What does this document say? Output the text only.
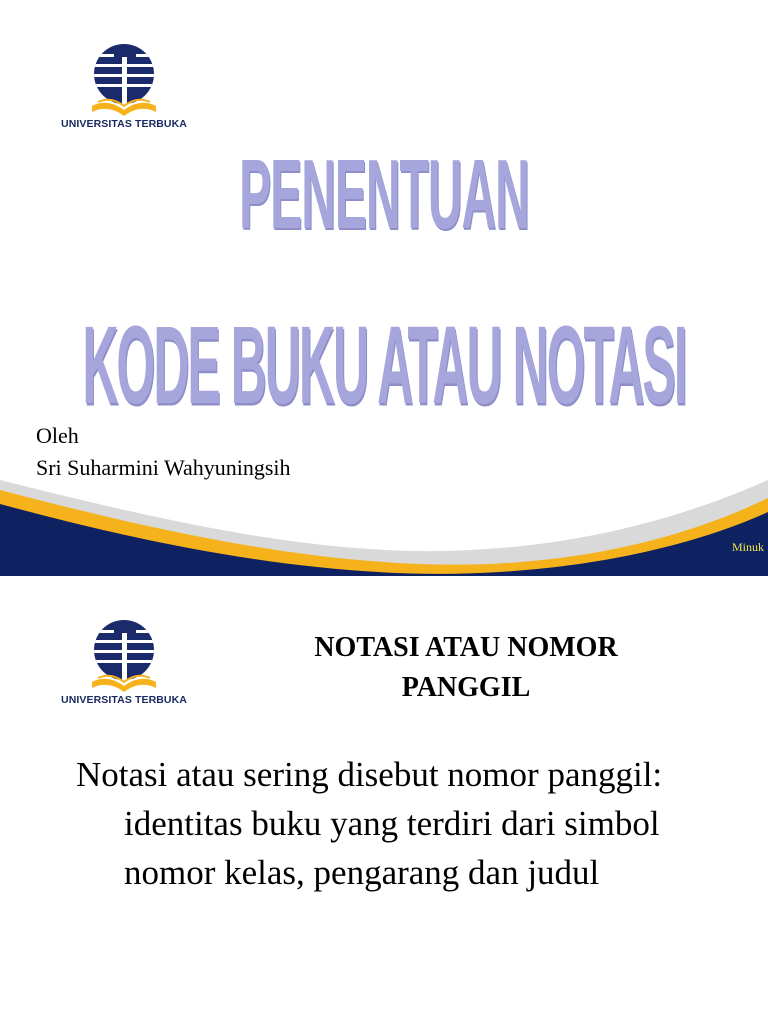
UNIVERSITAS TERBUKA
PENENTUAN
KODE BUKU ATAU NOTASI
Oleh
Sri Suharmini Wahyuningsih
Minuk
UNIVERSITAS TERBUKA
NOTASI ATAU NOMOR PANGGIL

Notasi atau sering disebut nomor panggil: identitas buku yang terdiri dari simbol nomor kelas, pengarang dan judul
